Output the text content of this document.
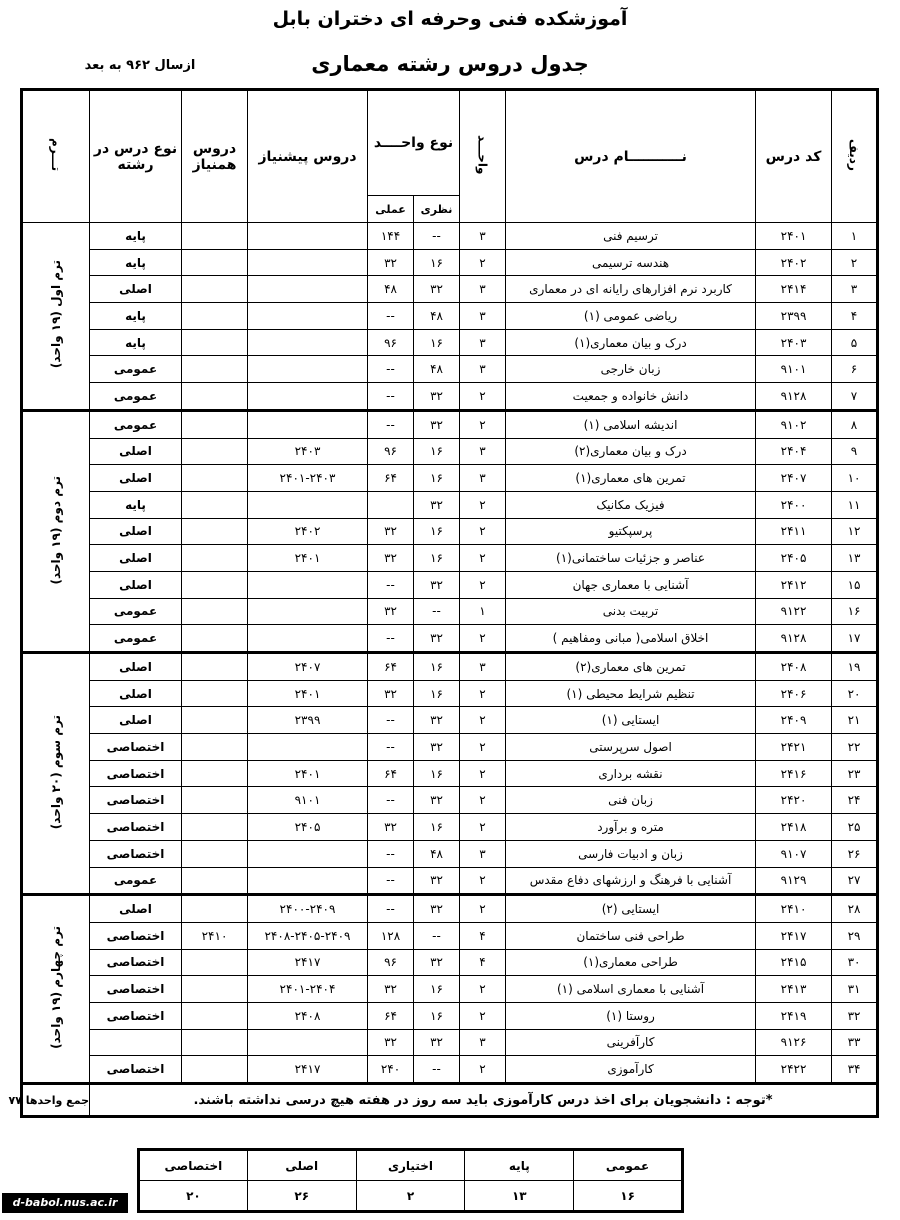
آموزشکده فنی وحرفه ای دختران بابل
جدول دروس رشته معماری
ازسال ۹۶۲ به بعد
ردیف	کد درس	نـــــــــــام درس	واحـــد	نوع واحــــد		دروس پیشنیاز	دروس همنیاز	نوع درس در رشته	تـــرم
				نظری	عملی				
۱	۲۴۰۱	ترسیم فنی	۳	--	۱۴۴			پایه	ترم اول (۱۹ واحد)
۲	۲۴۰۲	هندسه ترسیمی	۲	۱۶	۳۲			پایه	
۳	۲۴۱۴	کاربرد نرم افزارهای رایانه ای در معماری	۳	۳۲	۴۸			اصلی	
۴	۲۳۹۹	ریاضی عمومی (۱)	۳	۴۸	--			پایه	
۵	۲۴۰۳	درک و بیان معماری(۱)	۳	۱۶	۹۶			پایه	
۶	۹۱۰۱	زبان خارجی	۳	۴۸	--			عمومی	
۷	۹۱۲۸	دانش خانواده و جمعیت	۲	۳۲	--			عمومی	
۸	۹۱۰۲	اندیشه اسلامی (۱)	۲	۳۲	--			عمومی	ترم دوم (۱۹ واحد)
۹	۲۴۰۴	درک و بیان معماری(۲)	۳	۱۶	۹۶	۲۴۰۳		اصلی	
۱۰	۲۴۰۷	تمرین های معماری(۱)	۳	۱۶	۶۴	۲۴۰۱-۲۴۰۳		اصلی	
۱۱	۲۴۰۰	فیزیک مکانیک	۲	۳۲				پایه	
۱۲	۲۴۱۱	پرسپکتیو	۲	۱۶	۳۲	۲۴۰۲		اصلی	
۱۳	۲۴۰۵	عناصر و جزئیات ساختمانی(۱)	۲	۱۶	۳۲	۲۴۰۱		اصلی	
۱۵	۲۴۱۲	آشنایی با معماری جهان	۲	۳۲	--			اصلی	
۱۶	۹۱۲۲	تربیت بدنی	۱	--	۳۲			عمومی	
۱۷	۹۱۲۸	اخلاق اسلامی( مبانی ومفاهیم )	۲	۳۲	--			عمومی	
۱۹	۲۴۰۸	تمرین های معماری(۲)	۳	۱۶	۶۴	۲۴۰۷		اصلی	ترم سوم (۲۰ واحد)
۲۰	۲۴۰۶	تنظیم شرایط محیطی (۱)	۲	۱۶	۳۲	۲۴۰۱		اصلی	
۲۱	۲۴۰۹	ایستایی (۱)	۲	۳۲	--	۲۳۹۹		اصلی	
۲۲	۲۴۲۱	اصول سرپرستی	۲	۳۲	--			اختصاصی	
۲۳	۲۴۱۶	نقشه برداری	۲	۱۶	۶۴	۲۴۰۱		اختصاصی	
۲۴	۲۴۲۰	زبان فنی	۲	۳۲	--	۹۱۰۱		اختصاصی	
۲۵	۲۴۱۸	متره و برآورد	۲	۱۶	۳۲	۲۴۰۵		اختصاصی	
۲۶	۹۱۰۷	زبان و ادبیات فارسی	۳	۴۸	--			اختصاصی	
۲۷	۹۱۲۹	آشنایی با فرهنگ و ارزشهای دفاع مقدس	۲	۳۲	--			عمومی	
۲۸	۲۴۱۰	ایستایی (۲)	۲	۳۲	--	۲۴۰۰-۲۴۰۹		اصلی	ترم چهارم (۱۹ واحد)
۲۹	۲۴۱۷	طراحی فنی ساختمان	۴	--	۱۲۸	۲۴۰۸-۲۴۰۵-۲۴۰۹	۲۴۱۰	اختصاصی	
۳۰	۲۴۱۵	طراحی معماری(۱)	۴	۳۲	۹۶	۲۴۱۷		اختصاصی	
۳۱	۲۴۱۳	آشنایی با معماری اسلامی (۱)	۲	۱۶	۳۲	۲۴۰۱-۲۴۰۴		اختصاصی	
۳۲	۲۴۱۹	روستا (۱)	۲	۱۶	۶۴	۲۴۰۸		اختصاصی	
۳۳	۹۱۲۶	کارآفرینی	۳	۳۲	۳۲				
۳۴	۲۴۲۲	کارآموزی	۲	--	۲۴۰	۲۴۱۷		اختصاصی	
*توجه : دانشجویان برای اخذ درس کارآموزی باید سه روز در هفته هیچ درسی نداشته باشند.									جمع واحدها ۷۷
عمومی	پایه	اختیاری	اصلی	اختصاصی
۱۶	۱۳	۲	۲۶	۲۰
d-babol.nus.ac.ir
